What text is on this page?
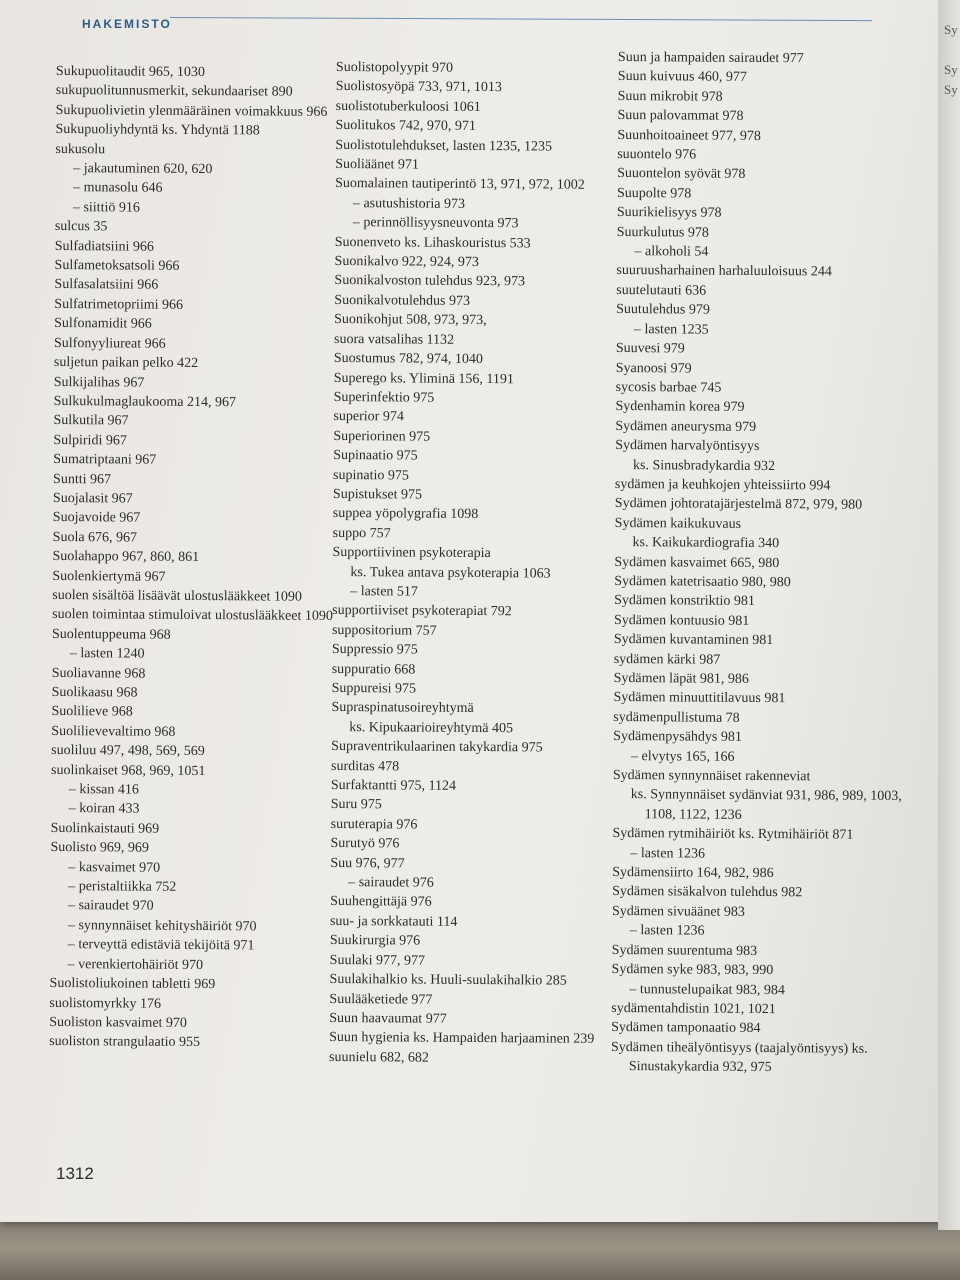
HAKEMISTO
Sukupuolitaudit 965, 1030
sukupuolitunnusmerkit, sekundaariset 890
Sukupuolivietin ylenmääräinen voimakkuus 966
Sukupuoliyhdyntä ks. Yhdyntä 1188
sukusolu
– jakautuminen 620, 620
– munasolu 646
– siittiö 916
sulcus 35
Sulfadiatsiini 966
Sulfametoksatsoli 966
Sulfasalatsiini 966
Sulfatrimetopriimi 966
Sulfonamidit 966
Sulfonyyliureat 966
suljetun paikan pelko 422
Sulkijalihas 967
Sulkukulmaglaukooma 214, 967
Sulkutila 967
Sulpiridi 967
Sumatriptaani 967
Suntti 967
Suojalasit 967
Suojavoide 967
Suola 676, 967
Suolahappo 967, 860, 861
Suolenkiertymä 967
suolen sisältöä lisäävät ulostuslääkkeet 1090
suolen toimintaa stimuloivat ulostuslääkkeet 1090
Suolentuppeuma 968
– lasten 1240
Suoliavanne 968
Suolikaasu 968
Suolilieve 968
Suolilievevaltimo 968
suoliluu 497, 498, 569, 569
suolinkaiset 968, 969, 1051
– kissan 416
– koiran 433
Suolinkaistauti 969
Suolisto 969, 969
– kasvaimet 970
– peristaltiikka 752
– sairaudet 970
– synnynnäiset kehityshäiriöt 970
– terveyttä edistäviä tekijöitä 971
– verenkiertohäiriöt 970
Suolistoliukoinen tabletti 969
suolistomyrkky 176
Suoliston kasvaimet 970
suoliston strangulaatio 955
Suolistopolyypit 970
Suolistosyöpä 733, 971, 1013
suolistotuberkuloosi 1061
Suolitukos 742, 970, 971
Suolistotulehdukset, lasten 1235, 1235
Suoliäänet 971
Suomalainen tautiperintö 13, 971, 972, 1002
– asutushistoria 973
– perinnöllisyysneuvonta 973
Suonenveto ks. Lihaskouristus 533
Suonikalvo 922, 924, 973
Suonikalvoston tulehdus 923, 973
Suonikalvotulehdus 973
Suonikohjut 508, 973, 973,
suora vatsalihas 1132
Suostumus 782, 974, 1040
Superego ks. Yliminä 156, 1191
Superinfektio 975
superior 974
Superiorinen 975
Supinaatio 975
supinatio 975
Supistukset 975
suppea yöpolygrafia 1098
suppo 757
Supportiivinen psykoterapia
ks. Tukea antava psykoterapia 1063
– lasten 517
supportiiviset psykoterapiat 792
suppositorium 757
Suppressio 975
suppuratio 668
Suppureisi 975
Supraspinatusoireyhtymä
ks. Kipukaarioireyhtymä 405
Supraventrikulaarinen takykardia 975
surditas 478
Surfaktantti 975, 1124
Suru 975
suruterapia 976
Surutyö 976
Suu 976, 977
– sairaudet 976
Suuhengittäjä 976
suu- ja sorkkatauti 114
Suukirurgia 976
Suulaki 977, 977
Suulakihalkio ks. Huuli-suulakihalkio 285
Suulääketiede 977
Suun haavaumat 977
Suun hygienia ks. Hampaiden harjaaminen 239
suunielu 682, 682
Suun ja hampaiden sairaudet 977
Suun kuivuus 460, 977
Suun mikrobit 978
Suun palovammat 978
Suunhoitoaineet 977, 978
suuontelo 976
Suuontelon syövät 978
Suupolte 978
Suurikielisyys 978
Suurkulutus 978
– alkoholi 54
suuruusharhainen harhaluuloisuus 244
suutelutauti 636
Suutulehdus 979
– lasten 1235
Suuvesi 979
Syanoosi 979
sycosis barbae 745
Sydenhamin korea 979
Sydämen aneurysma 979
Sydämen harvalyöntisyys
ks. Sinusbradykardia 932
sydämen ja keuhkojen yhteissiirto 994
Sydämen johtoratajärjestelmä 872, 979, 980
Sydämen kaikukuvaus
ks. Kaikukardiografia 340
Sydämen kasvaimet 665, 980
Sydämen katetrisaatio 980, 980
Sydämen konstriktio 981
Sydämen kontuusio 981
Sydämen kuvantaminen 981
sydämen kärki 987
Sydämen läpät 981, 986
Sydämen minuuttitilavuus 981
sydämenpullistuma 78
Sydämenpysähdys 981
– elvytys 165, 166
Sydämen synnynnäiset rakenneviat
ks. Synnynnäiset sydänviat 931, 986, 989, 1003, 1108, 1122, 1236
Sydämen rytmihäiriöt ks. Rytmihäiriöt 871
– lasten 1236
Sydämensiirto 164, 982, 986
Sydämen sisäkalvon tulehdus 982
Sydämen sivuäänet 983
– lasten 1236
Sydämen suurentuma 983
Sydämen syke 983, 983, 990
– tunnustelupaikat 983, 984
sydämentahdistin 1021, 1021
Sydämen tamponaatio 984
Sydämen tiheälyöntisyys (taajalyöntisyys) ks. Sinustakykardia 932, 975
1312
Sy
Sy
Sy
